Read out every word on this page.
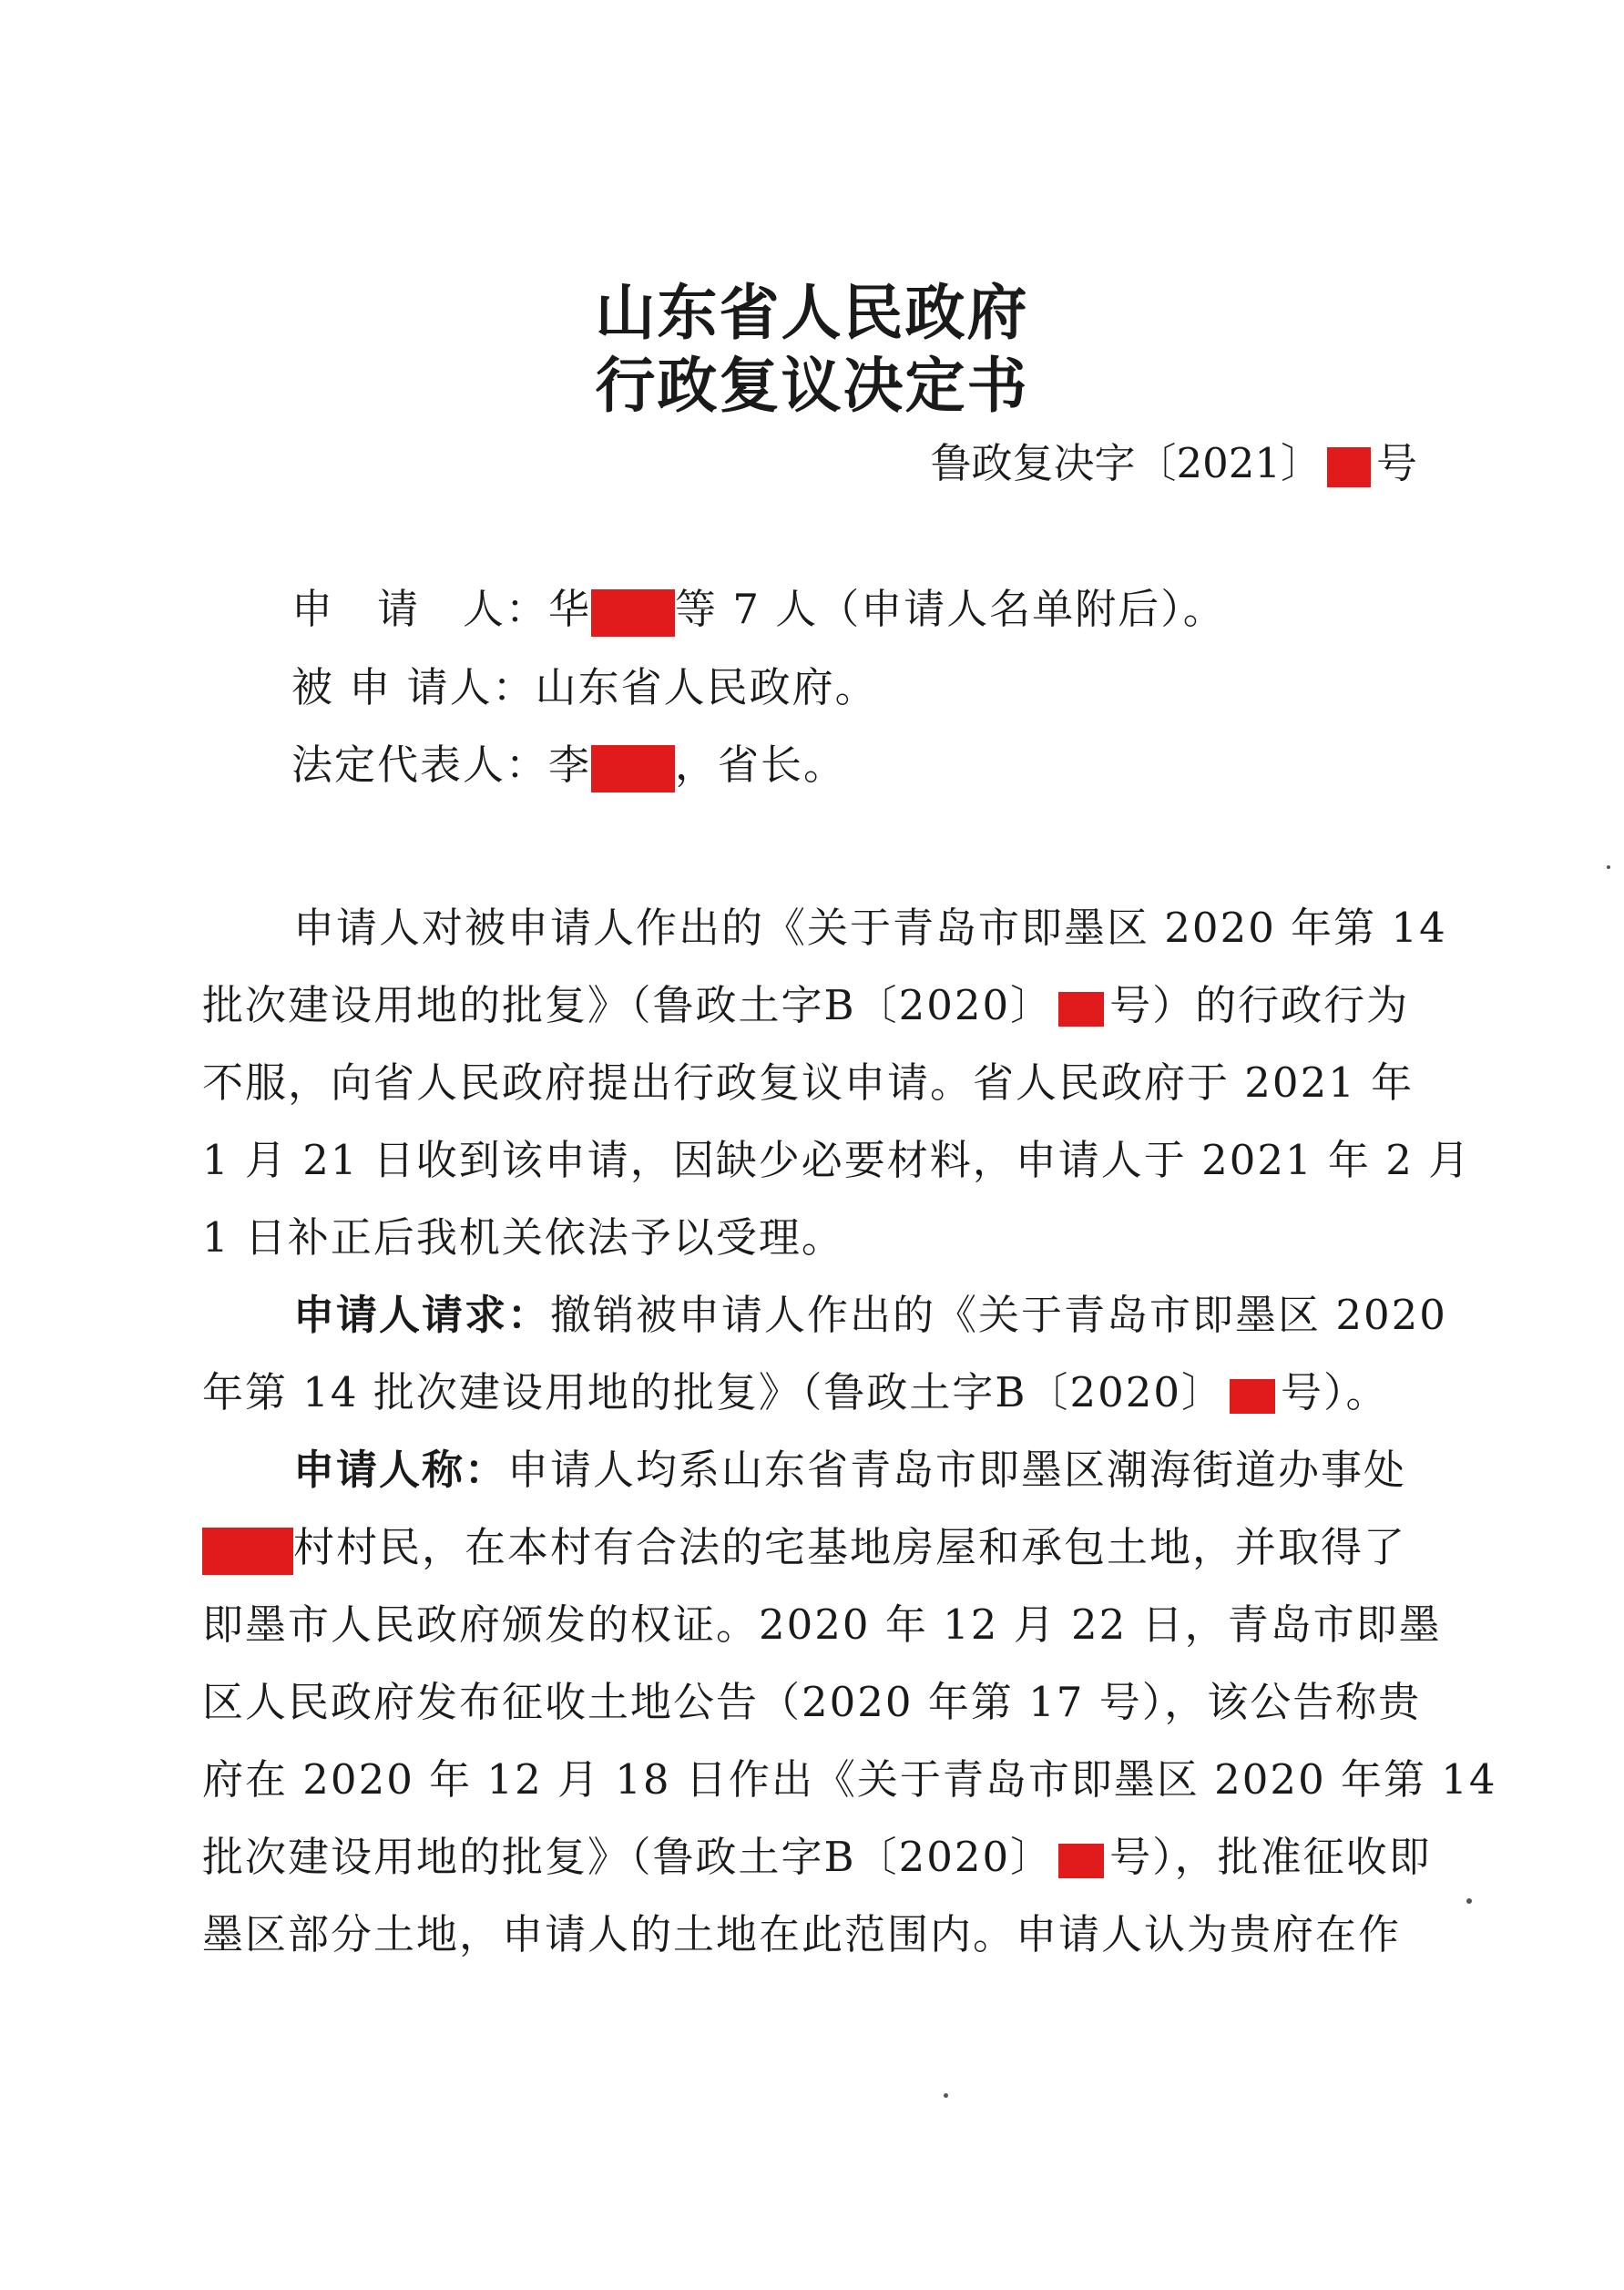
山东省人民政府
行政复议决定书
鲁政复决字〔2021〕 号
申　请　人：华 等 7 人（申请人名单附后）。
被 申 请人：山东省人民政府。
法定代表人：李 ，省长。
申请人对被申请人作出的《关于青岛市即墨区 2020 年第 14
批次建设用地的批复》（鲁政土字B〔2020〕 号）的行政行为
不服，向省人民政府提出行政复议申请。省人民政府于 2021 年
1 月 21 日收到该申请，因缺少必要材料，申请人于 2021 年 2 月
1 日补正后我机关依法予以受理。
申请人请求：撤销被申请人作出的《关于青岛市即墨区 2020
年第 14 批次建设用地的批复》（鲁政土字B〔2020〕 号）。
申请人称：申请人均系山东省青岛市即墨区潮海街道办事处
村村民，在本村有合法的宅基地房屋和承包土地，并取得了
即墨市人民政府颁发的权证。2020 年 12 月 22 日，青岛市即墨
区人民政府发布征收土地公告（2020 年第 17 号），该公告称贵
府在 2020 年 12 月 18 日作出《关于青岛市即墨区 2020 年第 14
批次建设用地的批复》（鲁政土字B〔2020〕 号），批准征收即
墨区部分土地，申请人的土地在此范围内。申请人认为贵府在作
